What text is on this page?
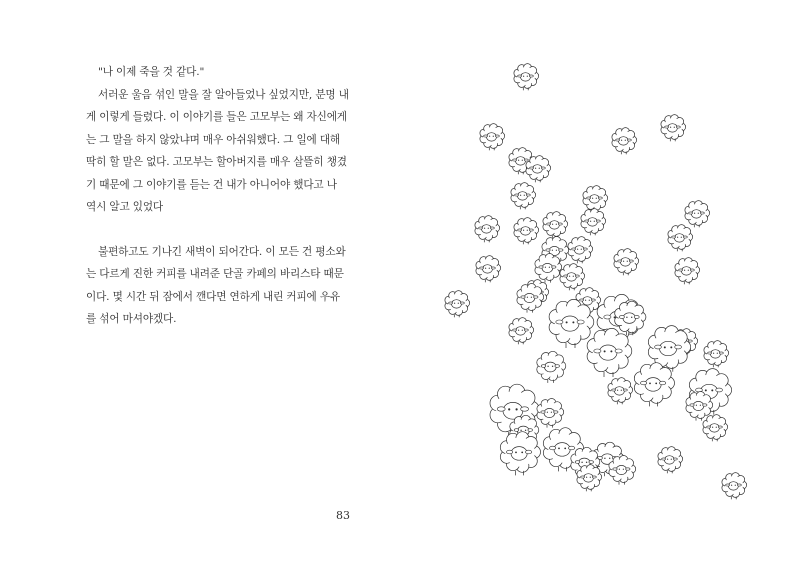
"나 이제 죽을 것 같다."
서러운 울음 섞인 말을 잘 알아들었나 싶었지만, 분명 내
게 이렇게 들렸다. 이 이야기를 들은 고모부는 왜 자신에게
는 그 말을 하지 않았냐며 매우 아쉬워했다. 그 일에 대해
딱히 할 말은 없다. 고모부는 할아버지를 매우 살뜰히 챙겼
기 때문에 그 이야기를 듣는 건 내가 아니어야 했다고 나
역시 알고 있었다
불편하고도 기나긴 새벽이 되어간다. 이 모든 건 평소와
는 다르게 진한 커피를 내려준 단골 카페의 바리스타 때문
이다. 몇 시간 뒤 잠에서 깬다면 연하게 내린 커피에 우유
를 섞어 마셔야겠다.
83
